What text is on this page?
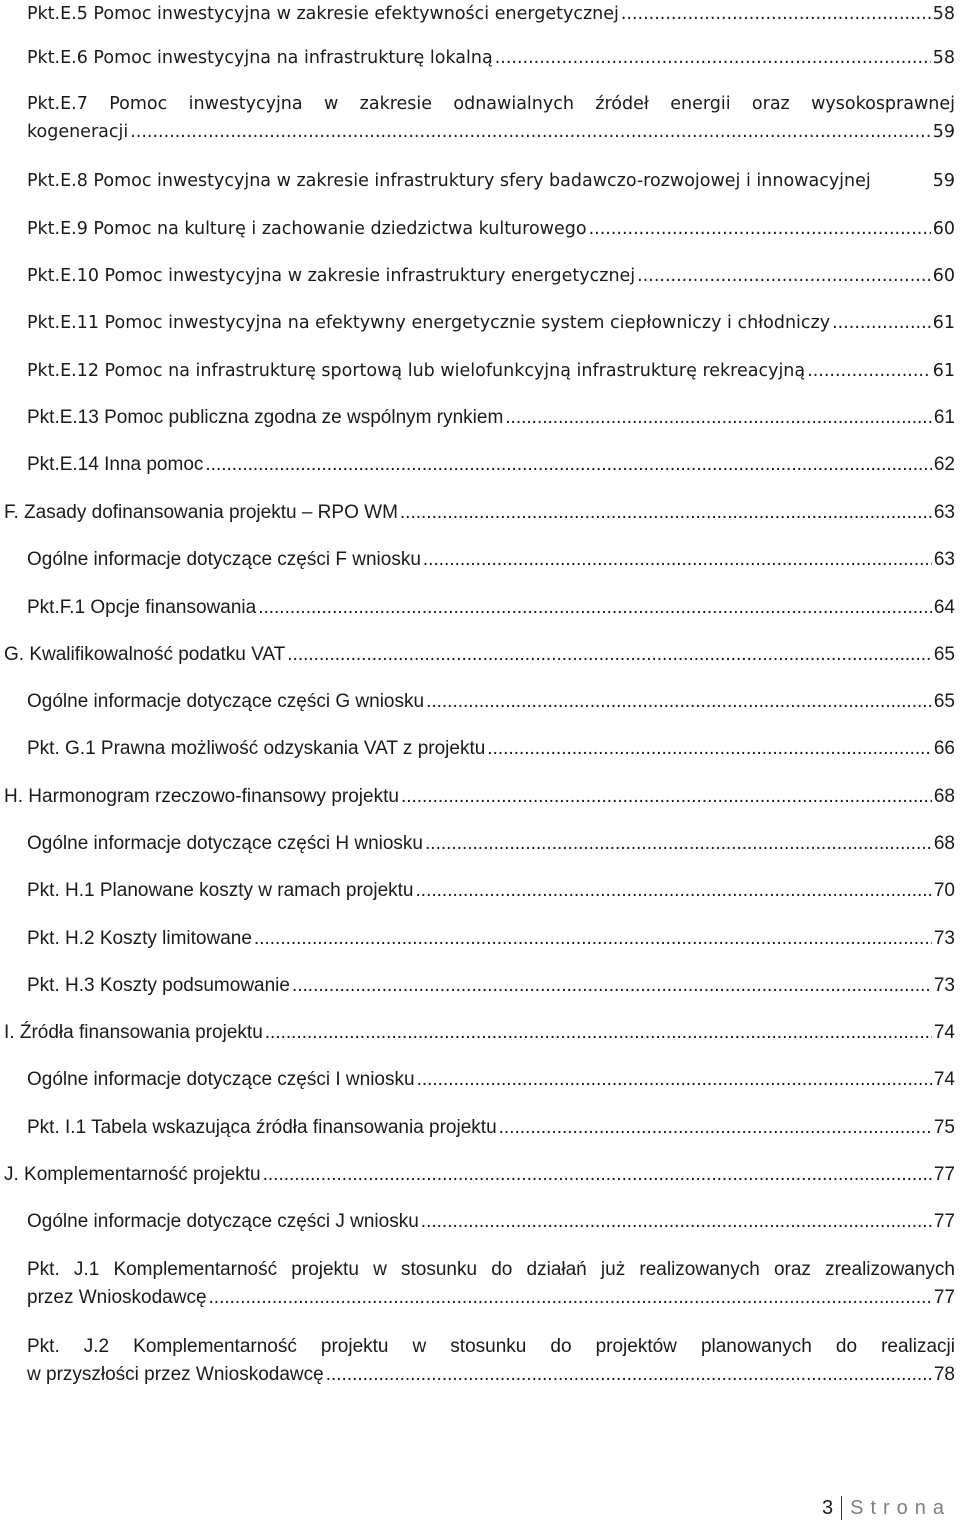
Pkt.E.5 Pomoc inwestycyjna w zakresie efektywności energetycznej .....	58
Pkt.E.6 Pomoc inwestycyjna na infrastrukturę lokalną .....	58
Pkt.E.7 Pomoc inwestycyjna w zakresie odnawialnych źródeł energii oraz wysokosprawnej
kogeneracji .....	59
Pkt.E.8 Pomoc inwestycyjna w zakresie infrastruktury sfery badawczo-rozwojowej i innowacyjnej	59
Pkt.E.9 Pomoc na kulturę i zachowanie dziedzictwa kulturowego .....	60
Pkt.E.10 Pomoc inwestycyjna w zakresie infrastruktury energetycznej .....	60
Pkt.E.11 Pomoc inwestycyjna na efektywny energetycznie system ciepłowniczy i chłodniczy .....	61
Pkt.E.12 Pomoc na infrastrukturę sportową lub wielofunkcyjną infrastrukturę rekreacyjną .....	61
Pkt.E.13 Pomoc publiczna zgodna ze wspólnym rynkiem .....	61
Pkt.E.14 Inna pomoc .....	62
F. Zasady dofinansowania projektu – RPO WM .....	63
Ogólne informacje dotyczące części F wniosku .....	63
Pkt.F.1 Opcje finansowania .....	64
G. Kwalifikowalność podatku VAT .....	65
Ogólne informacje dotyczące części G wniosku .....	65
Pkt. G.1 Prawna możliwość odzyskania VAT z projektu .....	66
H. Harmonogram rzeczowo-finansowy projektu .....	68
Ogólne informacje dotyczące części H wniosku .....	68
Pkt. H.1 Planowane koszty w ramach projektu .....	70
Pkt. H.2 Koszty limitowane .....	73
Pkt. H.3 Koszty podsumowanie .....	73
I. Źródła finansowania projektu .....	74
Ogólne informacje dotyczące części I wniosku .....	74
Pkt. I.1 Tabela wskazująca źródła finansowania projektu .....	75
J. Komplementarność projektu .....	77
Ogólne informacje dotyczące części J wniosku .....	77
Pkt. J.1 Komplementarność projektu w stosunku do działań już realizowanych oraz zrealizowanych
przez Wnioskodawcę .....	77
Pkt. J.2 Komplementarność projektu w stosunku do projektów planowanych do realizacji
w przyszłości przez Wnioskodawcę .....	78
3 Strona
